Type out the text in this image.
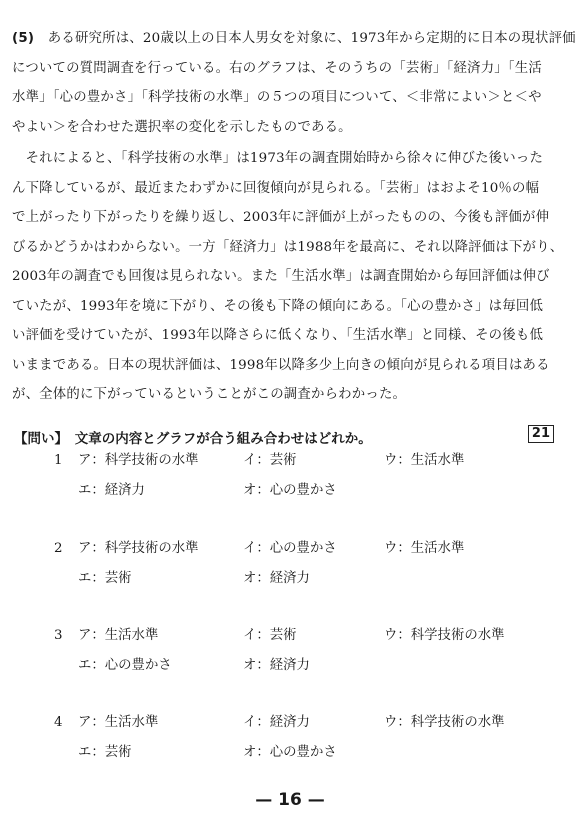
(5)　 ある研究所は、20歳以上の日本人男女を対象に、1973年から定期的に日本の現状評価
についての質問調査を行っている。右のグラフは、そのうちの「芸術」「経済力」「生活
水準」「心の豊かさ」「科学技術の水準」の５つの項目について、＜非常によい＞と＜や
やよい＞を合わせた選択率の変化を示したものである。
　それによると、「科学技術の水準」は1973年の調査開始時から徐々に伸びた後いった
ん下降しているが、最近またわずかに回復傾向が見られる。「芸術」はおよそ10％の幅
で上がったり下がったりを繰り返し、2003年に評価が上がったものの、今後も評価が伸
びるかどうかはわからない。一方「経済力」は1988年を最高に、それ以降評価は下がり、
2003年の調査でも回復は見られない。また「生活水準」は調査開始から毎回評価は伸び
ていたが、1993年を境に下がり、その後も下降の傾向にある。「心の豊かさ」は毎回低
い評価を受けていたが、1993年以降さらに低くなり、「生活水準」と同様、その後も低
いままである。日本の現状評価は、1998年以降多少上向きの傾向が見られる項目はある
が、全体的に下がっているということがこの調査からわかった。
【問い】　文章の内容とグラフが合う組み合わせはどれか。	21
1	ア：科学技術の水準	イ：芸術	ウ：生活水準
エ：経済力	オ：心の豊かさ
2	ア：科学技術の水準	イ：心の豊かさ	ウ：生活水準
エ：芸術	オ：経済力
3	ア：生活水準	イ：芸術	ウ：科学技術の水準
エ：心の豊かさ	オ：経済力
4	ア：生活水準	イ：経済力	ウ：科学技術の水準
エ：芸術	オ：心の豊かさ
— 16 —
